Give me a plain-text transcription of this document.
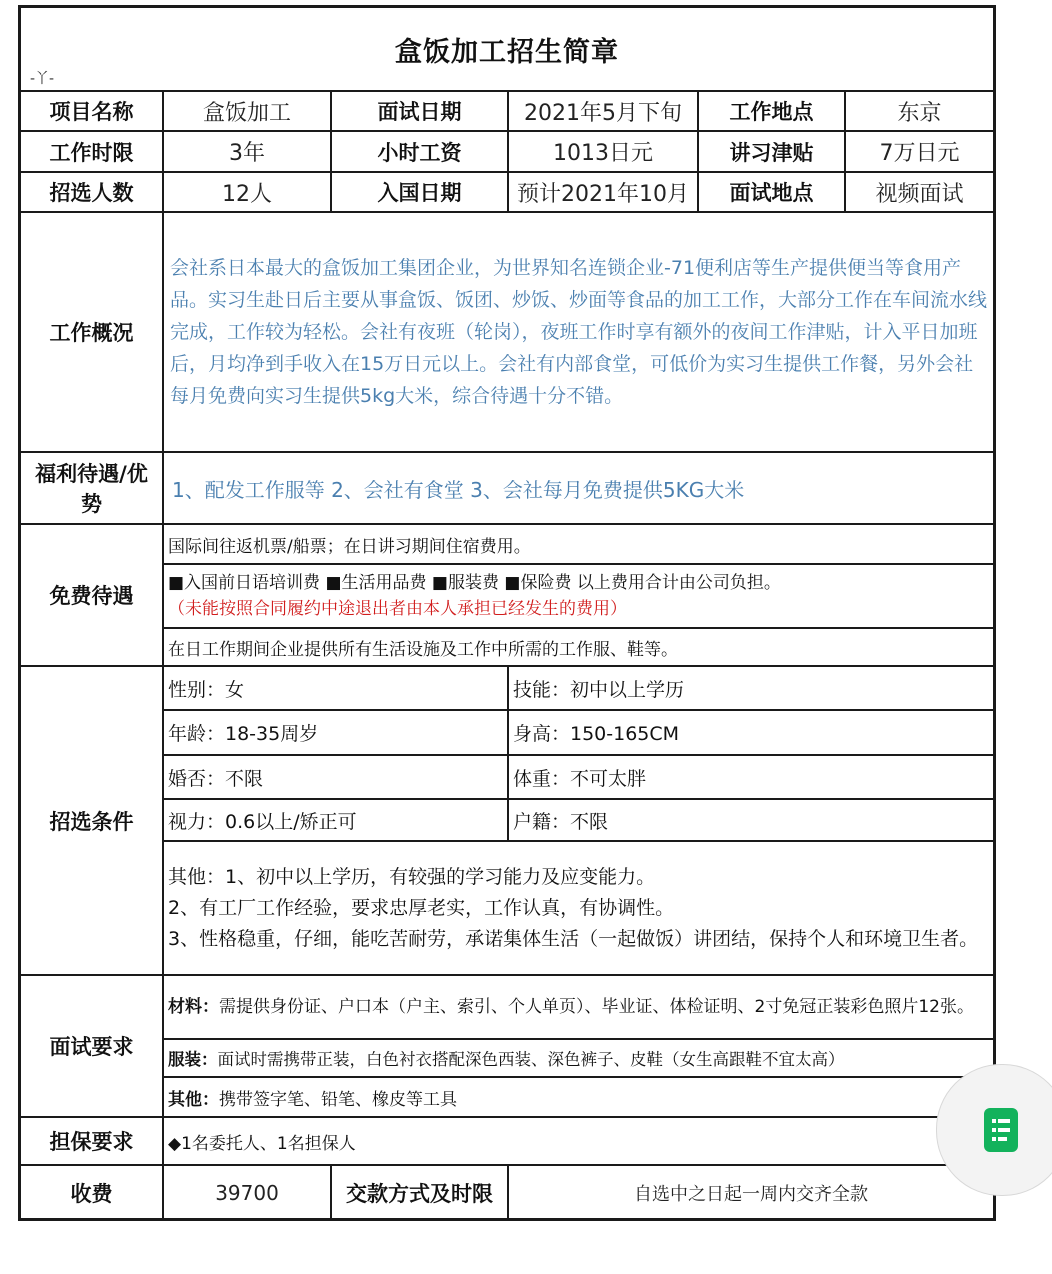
盒饭加工招生简章
项目名称	盒饭加工	面试日期	2021年5月下旬	工作地点	东京
工作时限	3年	小时工资	1013日元	讲习津贴	7万日元
招选人数	12人	入国日期	预计2021年10月	面试地点	视频面试
工作概况	会社系日本最大的盒饭加工集团企业，为世界知名连锁企业-71便利店等生产提供便当等食用产品。实习生赴日后主要从事盒饭、饭团、炒饭、炒面等食品的加工工作，大部分工作在车间流水线完成，工作较为轻松。会社有夜班（轮岗），夜班工作时享有额外的夜间工作津贴，计入平日加班后，月均净到手收入在15万日元以上。会社有内部食堂，可低价为实习生提供工作餐，另外会社每月免费向实习生提供5kg大米，综合待遇十分不错。				
福利待遇/优势	1、配发工作服等 2、会社有食堂 3、会社每月免费提供5KG大米				
免费待遇	国际间往返机票/船票；在日讲习期间住宿费用。				

	■入国前日语培训费 ■生活用品费 ■服装费 ■保险费 以上费用合计由公司负担。
（未能按照合同履约中途退出者由本人承担已经发生的费用）				

	在日工作期间企业提供所有生活设施及工作中所需的工作服、鞋等。				
招选条件	性别：女		技能：初中以上学历		
	年龄：18-35周岁		身高：150-165CM		
	婚否：不限		体重：不可太胖		
	视力：0.6以上/矫正可		户籍：不限		

	其他：1、初中以上学历，有较强的学习能力及应变能力。
2、有工厂工作经验，要求忠厚老实，工作认真，有协调性。
3、性格稳重，仔细，能吃苦耐劳，承诺集体生活（一起做饭）讲团结，保持个人和环境卫生者。				

面试要求	材料：需提供身份证、户口本（户主、索引、个人单页）、毕业证、体检证明、2寸免冠正装彩色照片12张。				
	服装：面试时需携带正装，白色衬衣搭配深色西装、深色裤子、皮鞋（女生高跟鞋不宜太高）				
	其他：携带签字笔、铅笔、橡皮等工具				
担保要求	◆1名委托人、1名担保人				
收费	39700	交款方式及时限	自选中之日起一周内交齐全款		
-丫-
